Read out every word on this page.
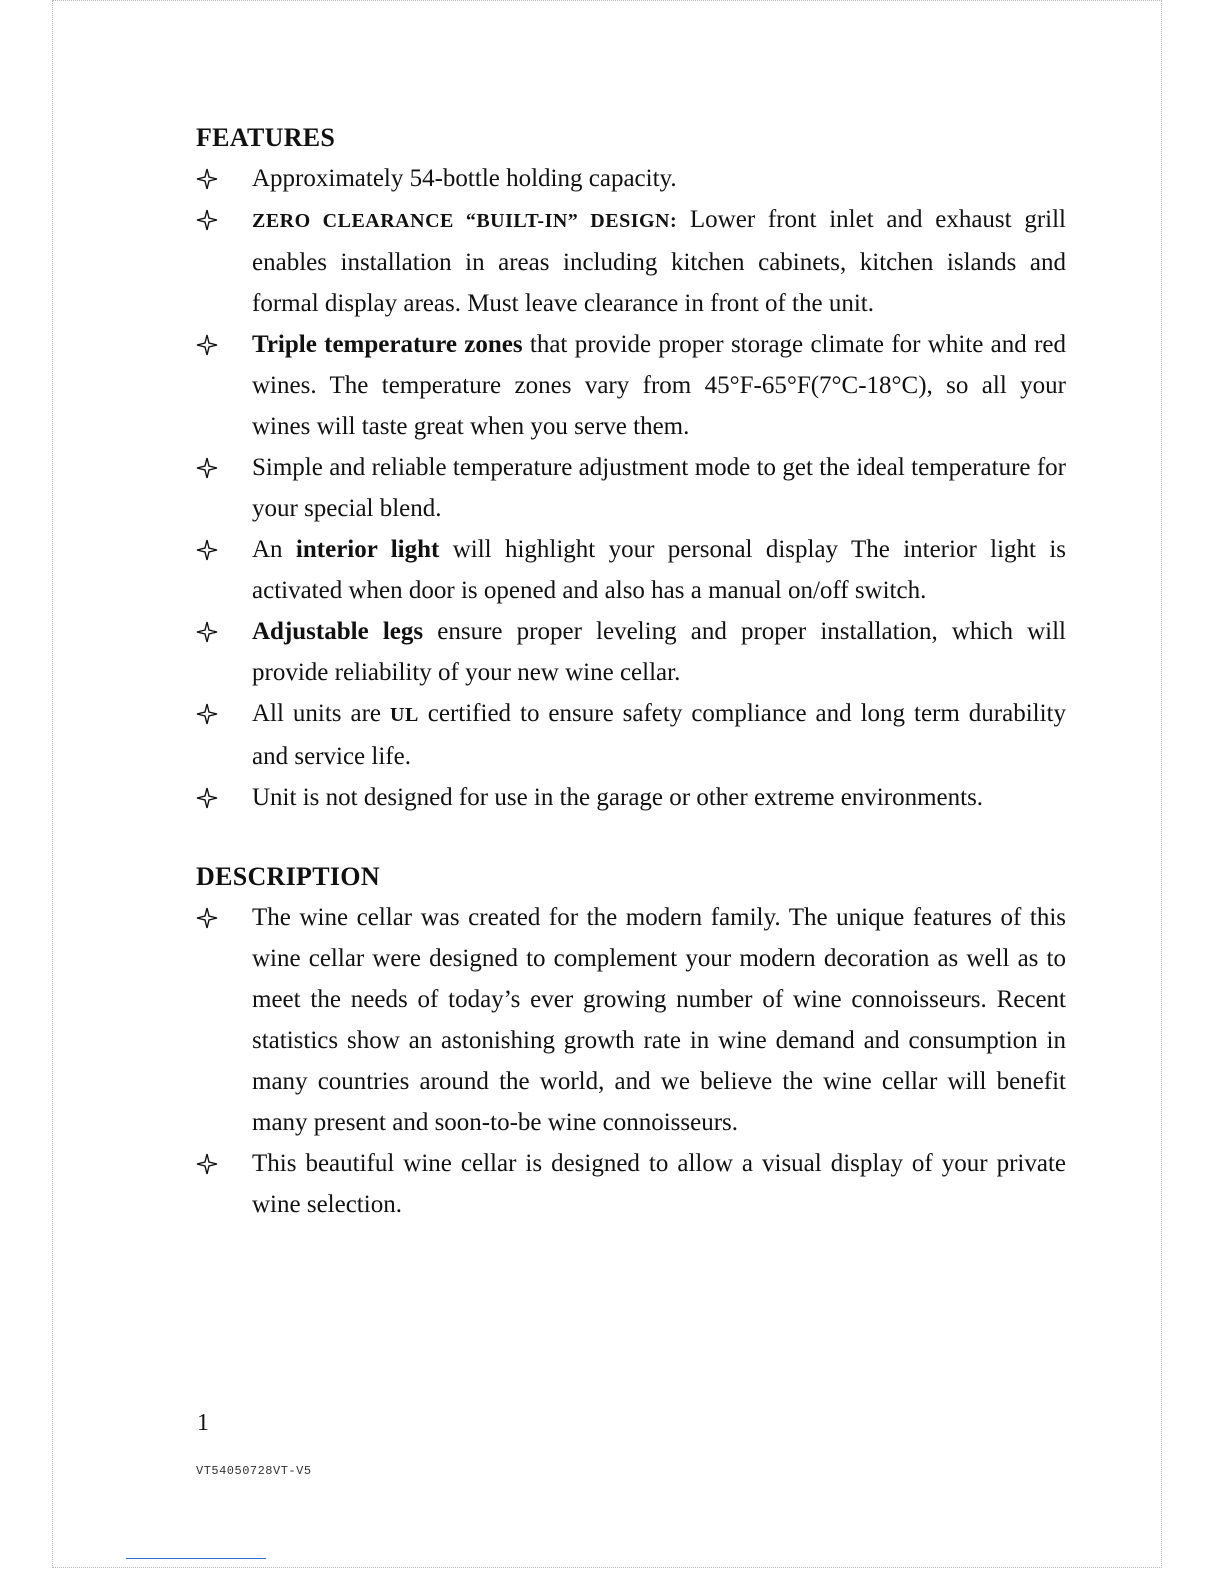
FEATURES
Approximately 54-bottle holding capacity.
ZERO CLEARANCE “BUILT-IN” DESIGN: Lower front inlet and exhaust grill enables installation in areas including kitchen cabinets, kitchen islands and formal display areas. Must leave clearance in front of the unit.
Triple temperature zones that provide proper storage climate for white and red wines. The temperature zones vary from 45°F-65°F(7°C-18°C), so all your wines will taste great when you serve them.
Simple and reliable temperature adjustment mode to get the ideal temperature for your special blend.
An interior light will highlight your personal display The interior light is activated when door is opened and also has a manual on/off switch.
Adjustable legs ensure proper leveling and proper installation, which will provide reliability of your new wine cellar.
All units are UL certified to ensure safety compliance and long term durability and service life.
Unit is not designed for use in the garage or other extreme environments.
DESCRIPTION
The wine cellar was created for the modern family. The unique features of this wine cellar were designed to complement your modern decoration as well as to meet the needs of today’s ever growing number of wine connoisseurs. Recent statistics show an astonishing growth rate in wine demand and consumption in many countries around the world, and we believe the wine cellar will benefit many present and soon-to-be wine connoisseurs.
This beautiful wine cellar is designed to allow a visual display of your private wine selection.
1
VT54050728VT-V5
